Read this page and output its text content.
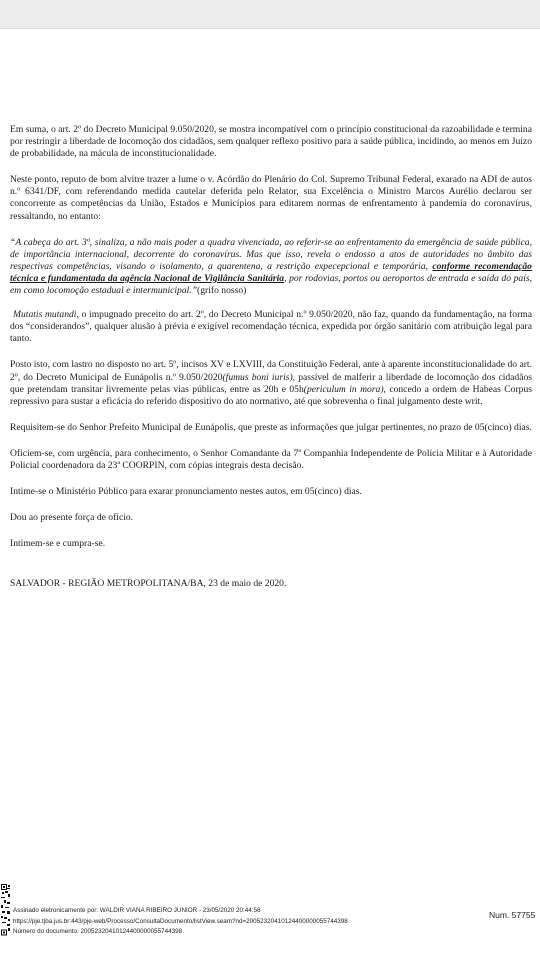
Em suma, o art. 2º do Decreto Municipal 9.050/2020, se mostra incompatível com o princípio constitucional da razoabilidade e termina por restringir a liberdade de locomoção dos cidadãos, sem qualquer reflexo positivo para a saúde pública, incidindo, ao menos em Juízo de probabilidade, na mácula de inconstitucionalidade.

Neste ponto, reputo de bom alvitre trazer a lume o v. Acórdão do Plenário do Col. Supremo Tribunal Federal, exarado na ADI de autos n.º 6341/DF, com referendando medida cautelar deferida pelo Relator, sua Excelência o Ministro Marcos Aurélio declarou ser concorrente as competências da União, Estados e Municípios para editarem normas de enfrentamento à pandemia do coronavírus, ressaltando, no entanto:

“A cabeça do art. 3º, sinaliza, a não mais poder a quadra vivenciada, ao referir-se ao enfrentamento da emergência de saúde pública, de importância internacional, decorrente do coronavírus. Mas que isso, revela o endosso a atos de autoridades no âmbito das respectivas competências, visando o isolamento, a quarentena, a restrição expecepcional e temporária, conforme recomendação técnica e fundamentada da agência Nacional de Vigilância Sanitária, por rodovias, portos ou aeroportos de entrada e saída do país, em como locomoção estadual e intermunicipal.”(grifo nosso)

Mutatis mutandi, o impugnado preceito do art. 2º, do Decreto Municipal n.º 9.050/2020, não faz, quando da fundamentação, na forma dos “considerandos”, qualquer alusão à prévia e exigível recomendação técnica, expedida por órgão sanitário com atribuição legal para tanto.

Posto isto, com lastro no disposto no art. 5º, incisos XV e LXVIII, da Constituição Federal, ante à aparente inconstitucionalidade do art. 2º, do Decreto Municipal de Eunápolis n.º 9.050/2020(fumus boni iuris), passível de malferir a liberdade de locomoção dos cidadãos que pretendam transitar livremente pelas vias públicas, entre as 20h e 05h(periculum in mora), concedo a ordem de Habeas Corpus repressivo para sustar a eficácia do referido dispositivo do ato normativo, até que sobrevenha o final julgamento deste writ.

Requisitem-se do Senhor Prefeito Municipal de Eunápolis, que preste as informações que julgar pertinentes, no prazo de 05(cinco) dias.

Oficiem-se, com urgência, para conhecimento, o Senhor Comandante da 7ª Companhia Independente de Polícia Militar e à Autoridade Policial coordenadora da 23ª COORPIN, com cópias integrais desta decisão.

Intime-se o Ministério Público para exarar pronunciamento nestes autos, em 05(cinco) dias.

Dou ao presente força de ofício.

Intimem-se e cumpra-se.

SALVADOR - REGIÃO METROPOLITANA/BA, 23 de maio de 2020.

Assinado eletronicamente por: WALDIR VIANA RIBEIRO JUNIOR - 23/05/2020 20:44:56
https://pje.tjba.jus.br:443/pje-web/Processo/ConsultaDocumento/listView.seam?nd=20052320410124400000055744398
Número do documento: 20052320410124400000055744398
Num. 57755
